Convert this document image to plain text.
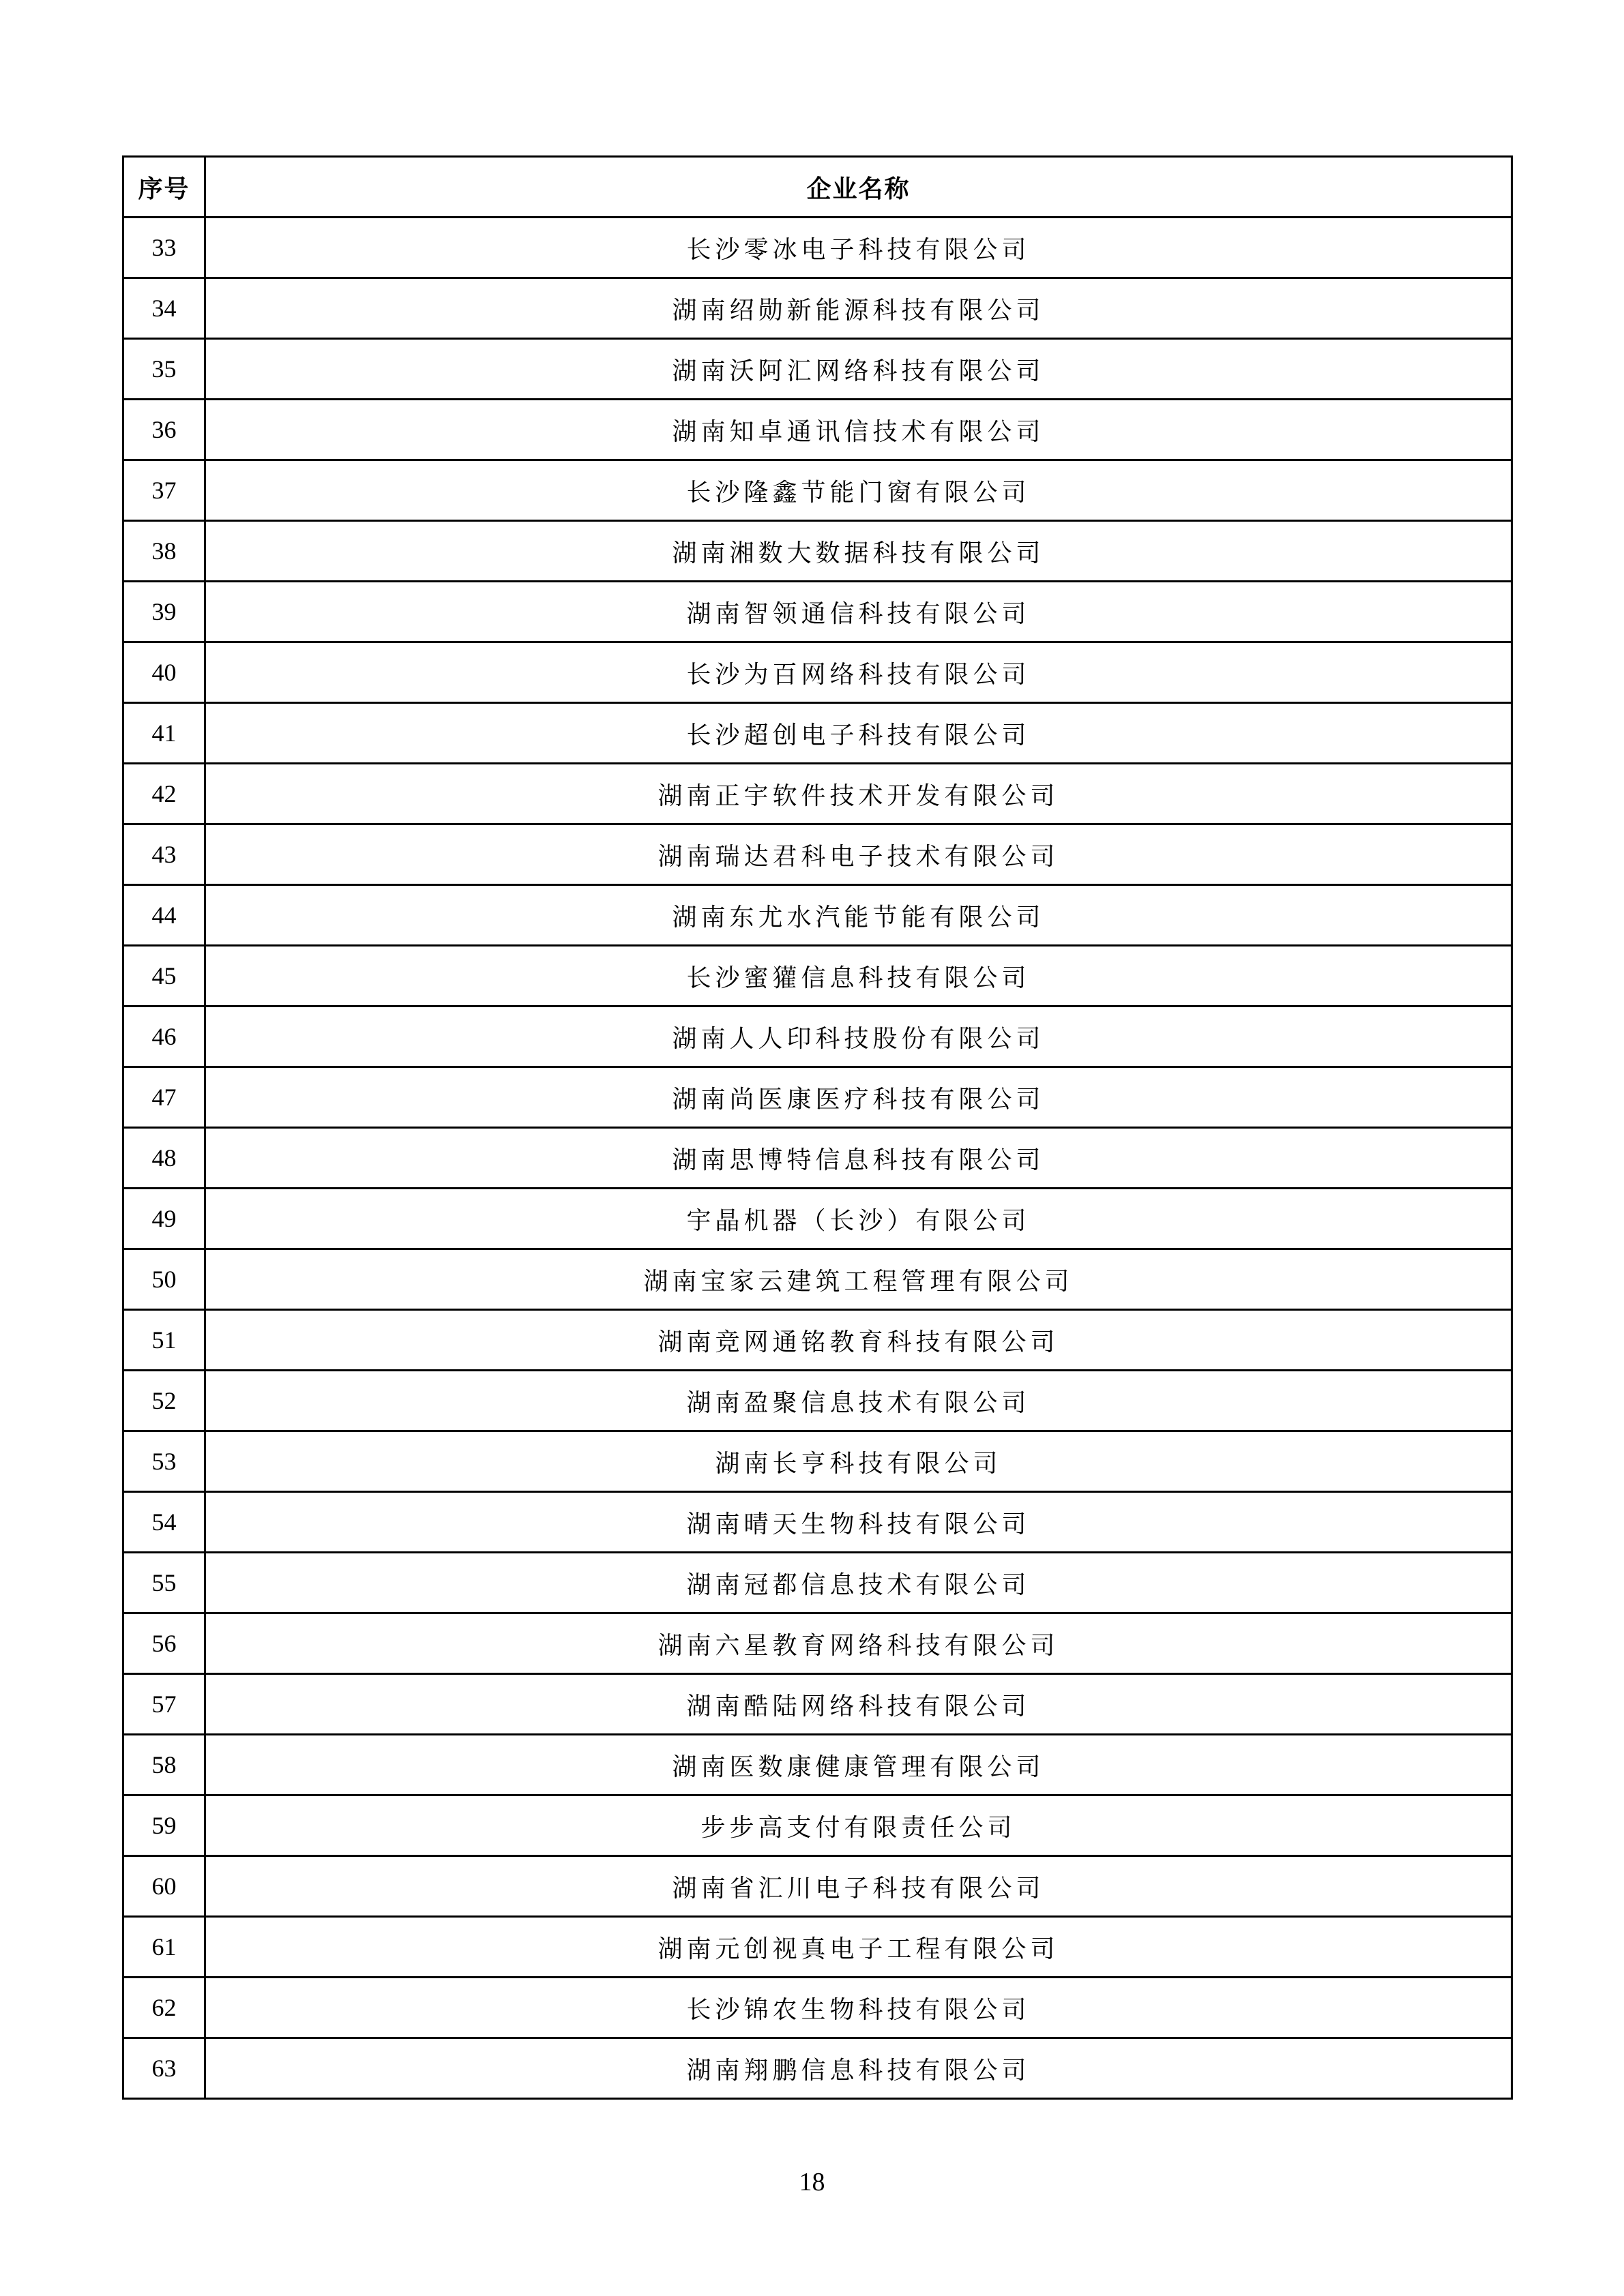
序号	企业名称
33	长沙零冰电子科技有限公司
34	湖南绍勋新能源科技有限公司
35	湖南沃阿汇网络科技有限公司
36	湖南知卓通讯信技术有限公司
37	长沙隆鑫节能门窗有限公司
38	湖南湘数大数据科技有限公司
39	湖南智领通信科技有限公司
40	长沙为百网络科技有限公司
41	长沙超创电子科技有限公司
42	湖南正宇软件技术开发有限公司
43	湖南瑞达君科电子技术有限公司
44	湖南东尤水汽能节能有限公司
45	长沙蜜獾信息科技有限公司
46	湖南人人印科技股份有限公司
47	湖南尚医康医疗科技有限公司
48	湖南思博特信息科技有限公司
49	宇晶机器（长沙）有限公司
50	湖南宝家云建筑工程管理有限公司
51	湖南竞网通铭教育科技有限公司
52	湖南盈聚信息技术有限公司
53	湖南长亨科技有限公司
54	湖南晴天生物科技有限公司
55	湖南冠都信息技术有限公司
56	湖南六星教育网络科技有限公司
57	湖南酷陆网络科技有限公司
58	湖南医数康健康管理有限公司
59	步步高支付有限责任公司
60	湖南省汇川电子科技有限公司
61	湖南元创视真电子工程有限公司
62	长沙锦农生物科技有限公司
63	湖南翔鹏信息科技有限公司
18
